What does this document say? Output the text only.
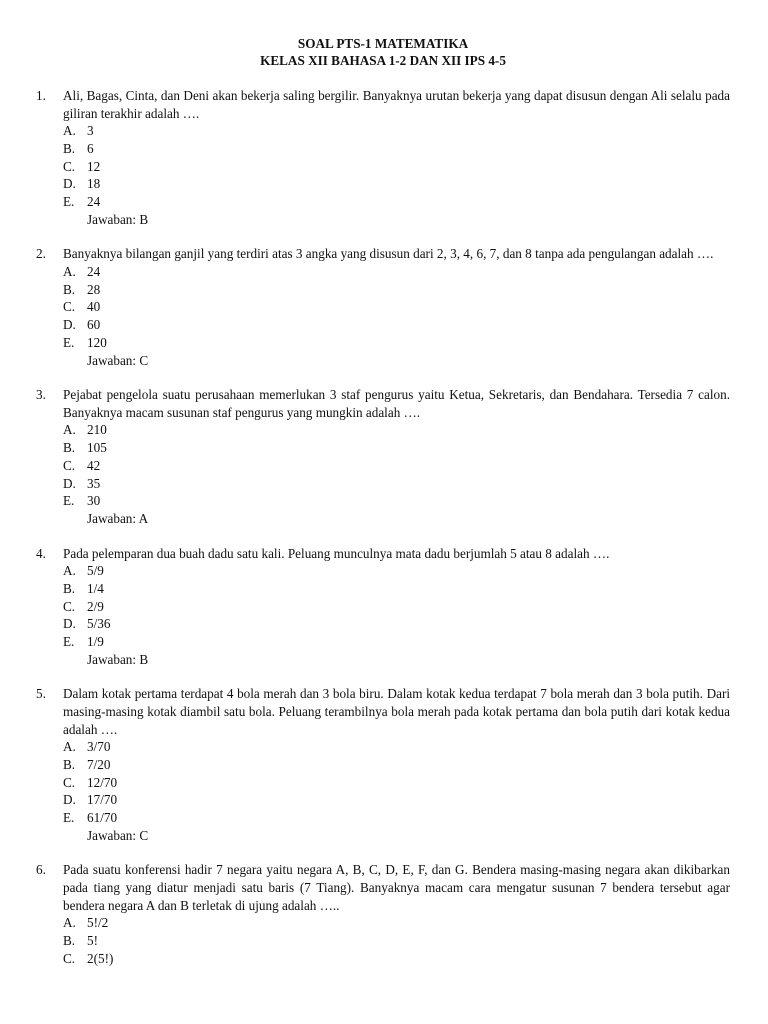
SOAL PTS-1 MATEMATIKA
KELAS XII BAHASA 1-2 DAN XII IPS 4-5
1.	Ali, Bagas, Cinta, dan Deni akan bekerja saling bergilir. Banyaknya urutan bekerja yang dapat disusun dengan Ali selalu pada giliran terakhir adalah ….
A. 3
B. 6
C. 12
D. 18
E. 24
Jawaban: B
2.	Banyaknya bilangan ganjil yang terdiri atas 3 angka yang disusun dari 2, 3, 4, 6, 7, dan 8 tanpa ada pengulangan adalah ….
A. 24
B. 28
C. 40
D. 60
E. 120
Jawaban: C
3.	Pejabat pengelola suatu perusahaan memerlukan 3 staf pengurus yaitu Ketua, Sekretaris, dan Bendahara. Tersedia 7 calon. Banyaknya macam susunan staf pengurus yang mungkin adalah ….
A. 210
B. 105
C. 42
D. 35
E. 30
Jawaban: A
4.	Pada pelemparan dua buah dadu satu kali. Peluang munculnya mata dadu berjumlah 5 atau 8 adalah ….
A. 5/9
B. 1/4
C. 2/9
D. 5/36
E. 1/9
Jawaban: B
5.	Dalam kotak pertama terdapat 4 bola merah dan 3 bola biru. Dalam kotak kedua terdapat 7 bola merah dan 3 bola putih. Dari masing-masing kotak diambil satu bola. Peluang terambilnya bola merah pada kotak pertama dan bola putih dari kotak kedua adalah ….
A. 3/70
B. 7/20
C. 12/70
D. 17/70
E. 61/70
Jawaban: C
6.	Pada suatu konferensi hadir 7 negara yaitu negara A, B, C, D, E, F, dan G. Bendera masing-masing negara akan dikibarkan pada tiang yang diatur menjadi satu baris (7 Tiang). Banyaknya macam cara mengatur susunan 7 bendera tersebut agar bendera negara A dan B terletak di ujung adalah …..
A. 5!/2
B. 5!
C. 2(5!)
